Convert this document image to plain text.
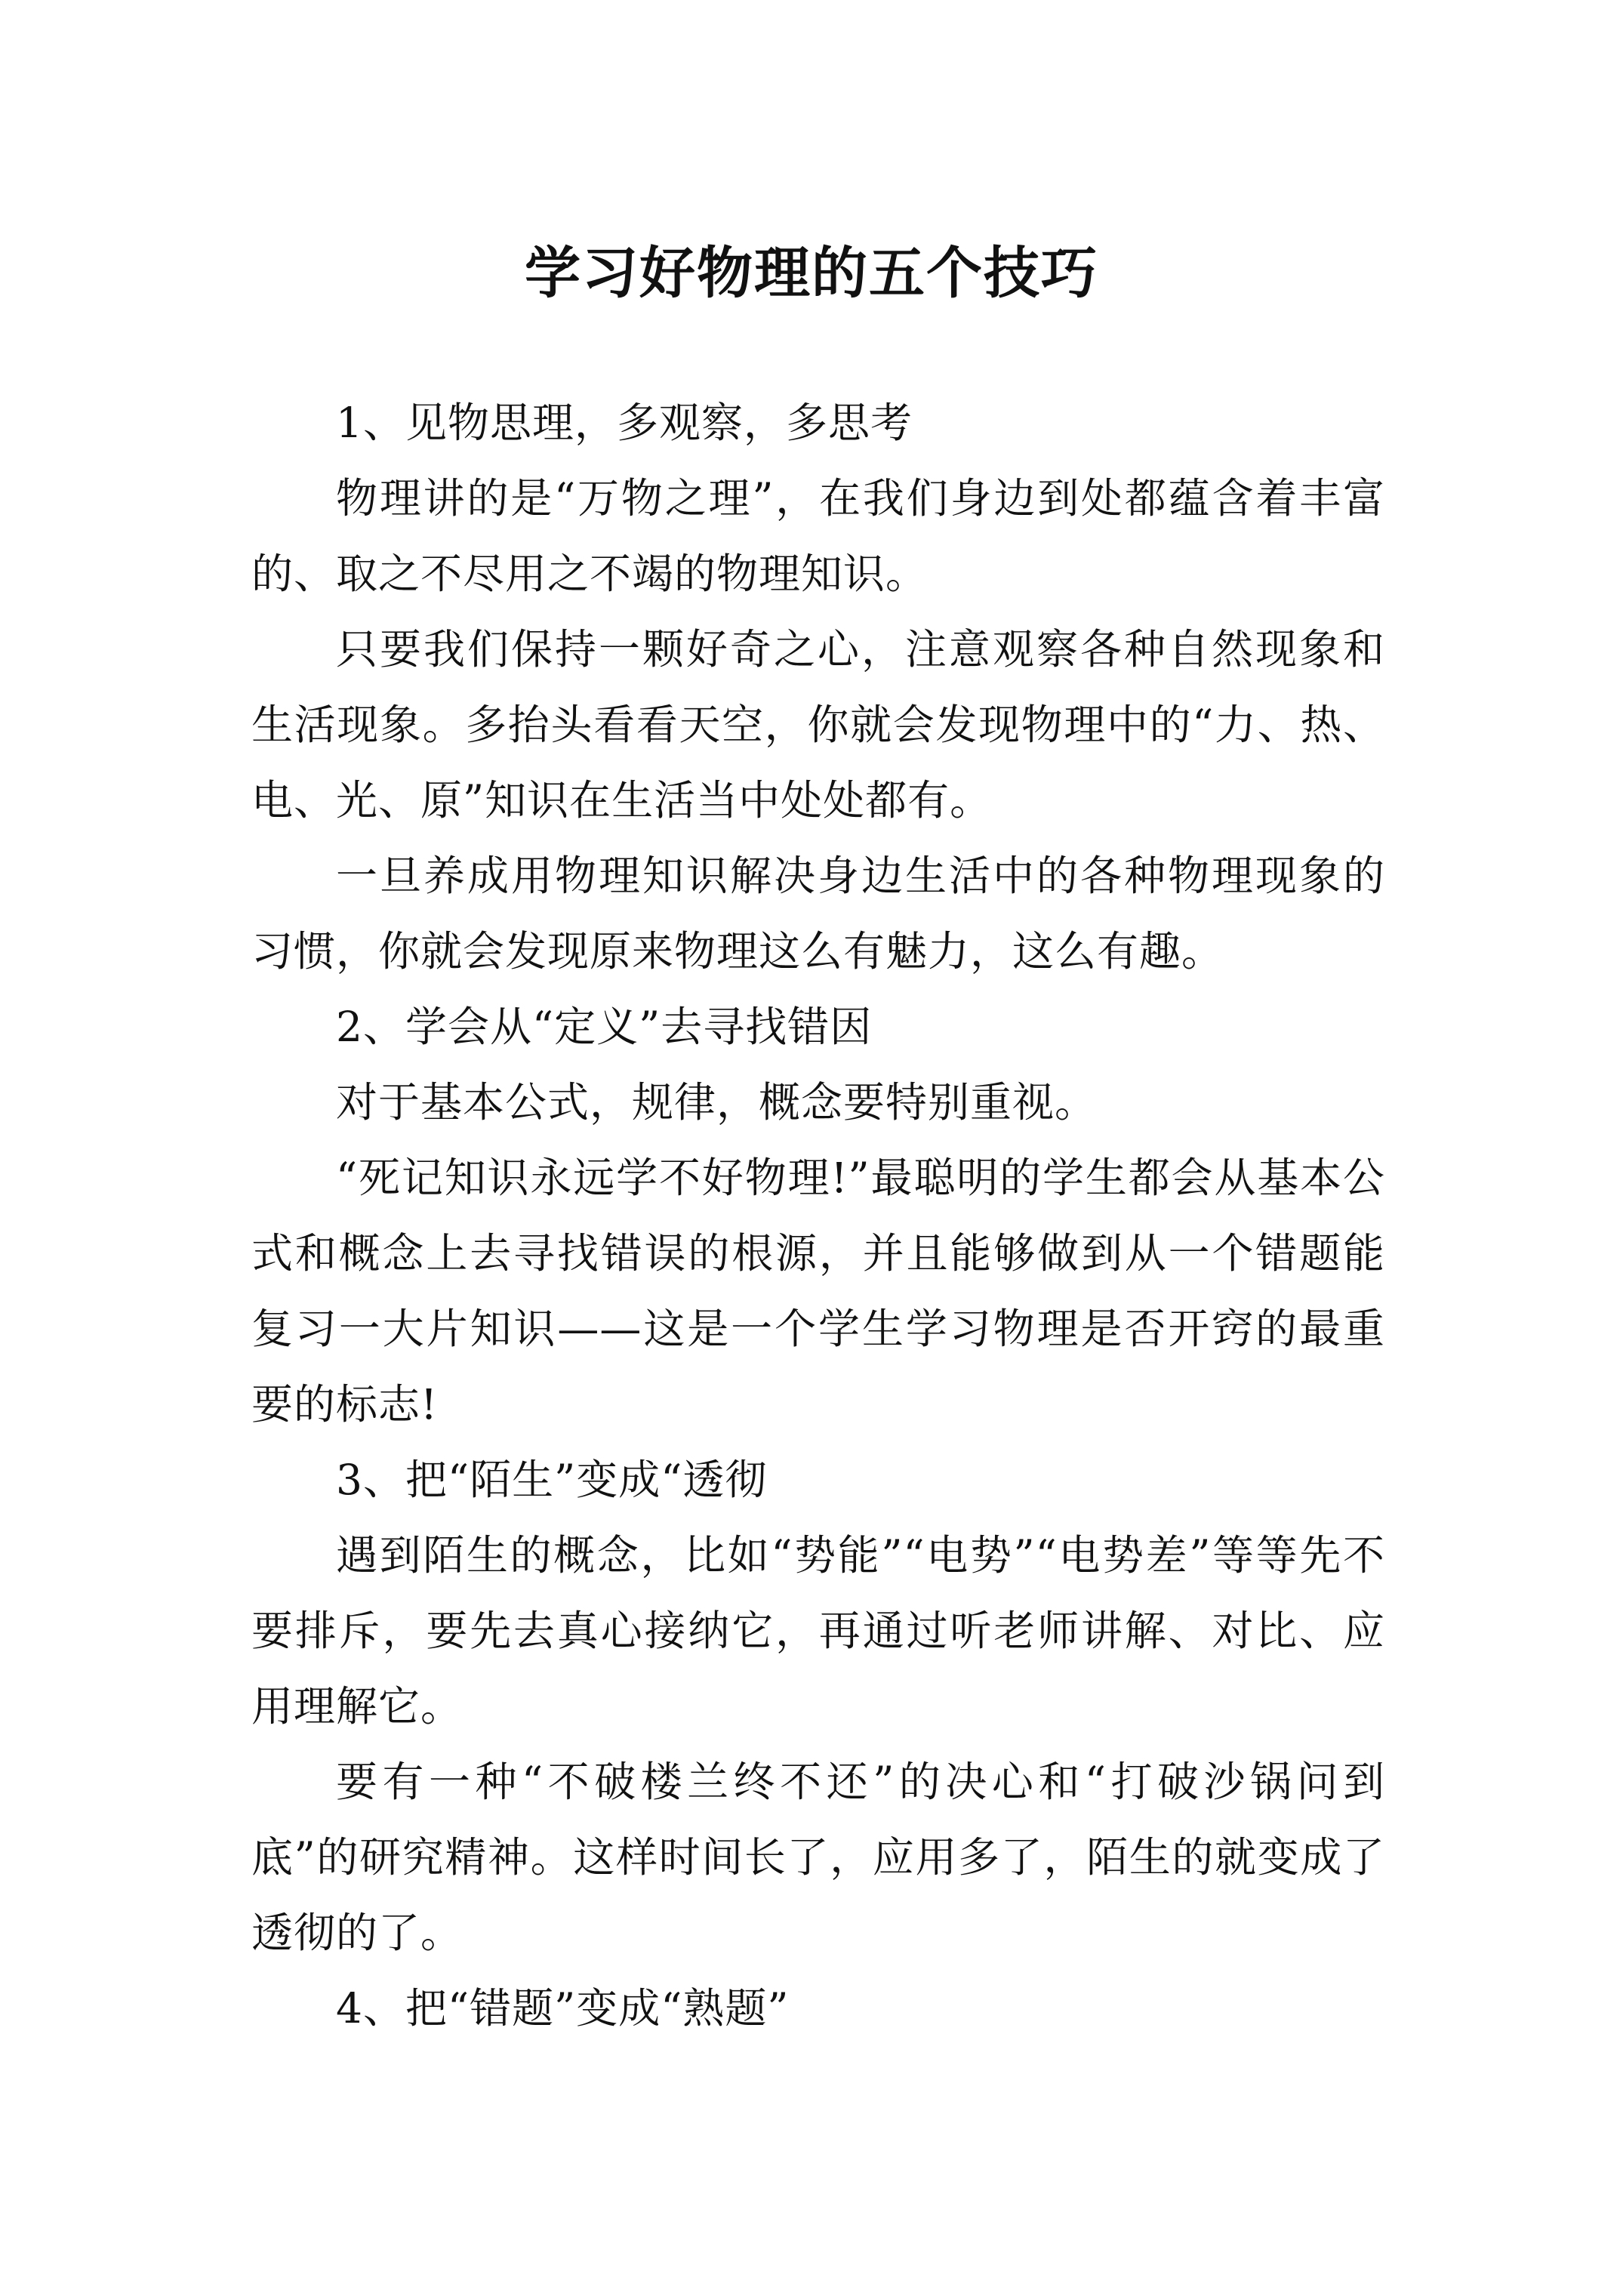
学习好物理的五个技巧

1、见物思理，多观察，多思考

物理讲的是“万物之理”，在我们身边到处都蕴含着丰富的、取之不尽用之不竭的物理知识。

只要我们保持一颗好奇之心，注意观察各种自然现象和生活现象。多抬头看看天空，你就会发现物理中的“力、热、电、光、原”知识在生活当中处处都有。

一旦养成用物理知识解决身边生活中的各种物理现象的习惯，你就会发现原来物理这么有魅力，这么有趣。

2、学会从“定义”去寻找错因

对于基本公式，规律，概念要特别重视。

“死记知识永远学不好物理!”最聪明的学生都会从基本公式和概念上去寻找错误的根源，并且能够做到从一个错题能复习一大片知识——这是一个学生学习物理是否开窍的最重要的标志!

3、把“陌生”变成“透彻

遇到陌生的概念，比如“势能”“电势”“电势差”等等先不要排斥，要先去真心接纳它，再通过听老师讲解、对比、应用理解它。

要有一种“不破楼兰终不还”的决心和“打破沙锅问到底”的研究精神。这样时间长了，应用多了，陌生的就变成了透彻的了。

4、把“错题”变成“熟题”
